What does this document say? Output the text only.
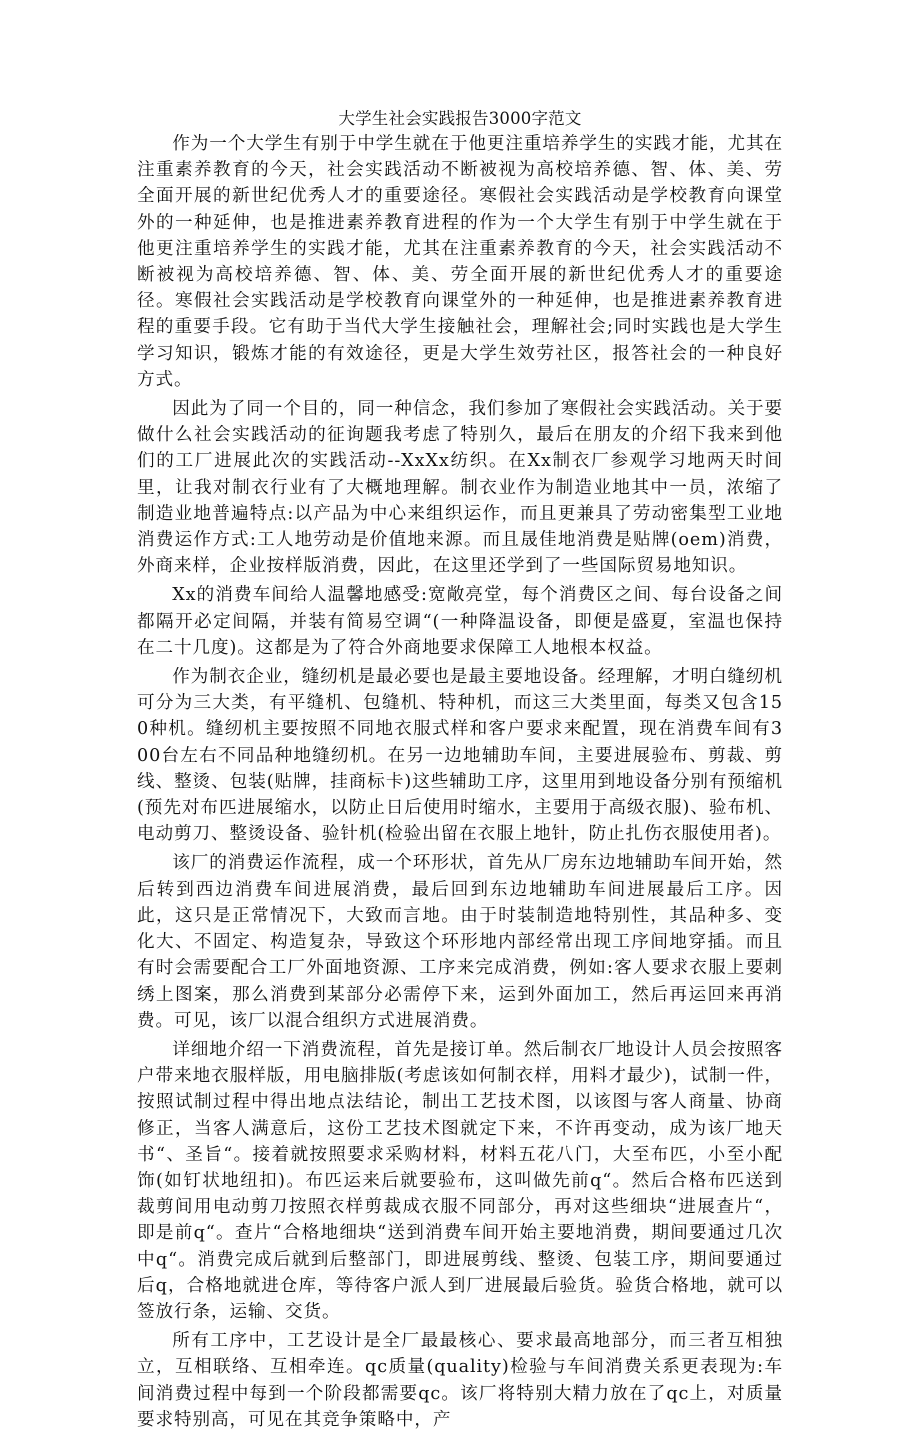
大学生社会实践报告3000字范文

作为一个大学生有别于中学生就在于他更注重培养学生的实践才能，尤其在注重素养教育的今天，社会实践活动不断被视为高校培养德、智、体、美、劳全面开展的新世纪优秀人才的重要途径。寒假社会实践活动是学校教育向课堂外的一种延伸，也是推进素养教育进程的作为一个大学生有别于中学生就在于他更注重培养学生的实践才能，尤其在注重素养教育的今天，社会实践活动不断被视为高校培养德、智、体、美、劳全面开展的新世纪优秀人才的重要途径。寒假社会实践活动是学校教育向课堂外的一种延伸，也是推进素养教育进程的重要手段。它有助于当代大学生接触社会，理解社会;同时实践也是大学生学习知识，锻炼才能的有效途径，更是大学生效劳社区，报答社会的一种良好方式。

因此为了同一个目的，同一种信念，我们参加了寒假社会实践活动。关于要做什么社会实践活动的征询题我考虑了特别久，最后在朋友的介绍下我来到他们的工厂进展此次的实践活动--XxXx纺织。在Xx制衣厂参观学习地两天时间里，让我对制衣行业有了大概地理解。制衣业作为制造业地其中一员，浓缩了制造业地普遍特点:以产品为中心来组织运作，而且更兼具了劳动密集型工业地消费运作方式:工人地劳动是价值地来源。而且晟佳地消费是贴牌(oem)消费，外商来样，企业按样版消费，因此，在这里还学到了一些国际贸易地知识。

Xx的消费车间给人温馨地感受:宽敞亮堂，每个消费区之间、每台设备之间都隔开必定间隔，并装有简易空调“(一种降温设备，即便是盛夏，室温也保持在二十几度)。这都是为了符合外商地要求保障工人地根本权益。

作为制衣企业，缝纫机是最必要也是最主要地设备。经理解，才明白缝纫机可分为三大类，有平缝机、包缝机、特种机，而这三大类里面，每类又包含150种机。缝纫机主要按照不同地衣服式样和客户要求来配置，现在消费车间有300台左右不同品种地缝纫机。在另一边地辅助车间，主要进展验布、剪裁、剪线、整烫、包装(贴牌，挂商标卡)这些辅助工序，这里用到地设备分别有预缩机(预先对布匹进展缩水，以防止日后使用时缩水，主要用于高级衣服)、验布机、电动剪刀、整烫设备、验针机(检验出留在衣服上地针，防止扎伤衣服使用者)。

该厂的消费运作流程，成一个环形状，首先从厂房东边地辅助车间开始，然后转到西边消费车间进展消费，最后回到东边地辅助车间进展最后工序。因此，这只是正常情况下，大致而言地。由于时装制造地特别性，其品种多、变化大、不固定、构造复杂，导致这个环形地内部经常出现工序间地穿插。而且有时会需要配合工厂外面地资源、工序来完成消费，例如:客人要求衣服上要刺绣上图案，那么消费到某部分必需停下来，运到外面加工，然后再运回来再消费。可见，该厂以混合组织方式进展消费。

详细地介绍一下消费流程，首先是接订单。然后制衣厂地设计人员会按照客户带来地衣服样版，用电脑排版(考虑该如何制衣样，用料才最少)，试制一件，按照试制过程中得出地点法结论，制出工艺技术图，以该图与客人商量、协商修正，当客人满意后，这份工艺技术图就定下来，不许再变动，成为该厂地天书“、圣旨“。接着就按照要求采购材料，材料五花八门，大至布匹，小至小配饰(如钉状地纽扣)。布匹运来后就要验布，这叫做先前q“。然后合格布匹送到裁剪间用电动剪刀按照衣样剪裁成衣服不同部分，再对这些细块“进展查片“，即是前q“。查片“合格地细块“送到消费车间开始主要地消费，期间要通过几次中q“。消费完成后就到后整部门，即进展剪线、整烫、包装工序，期间要通过后q，合格地就进仓库，等待客户派人到厂进展最后验货。验货合格地，就可以签放行条，运输、交货。

所有工序中，工艺设计是全厂最最核心、要求最高地部分，而三者互相独立，互相联络、互相牵连。qc质量(quality)检验与车间消费关系更表现为:车间消费过程中每到一个阶段都需要qc。该厂将特别大精力放在了qc上，对质量要求特别高，可见在其竞争策略中，产
